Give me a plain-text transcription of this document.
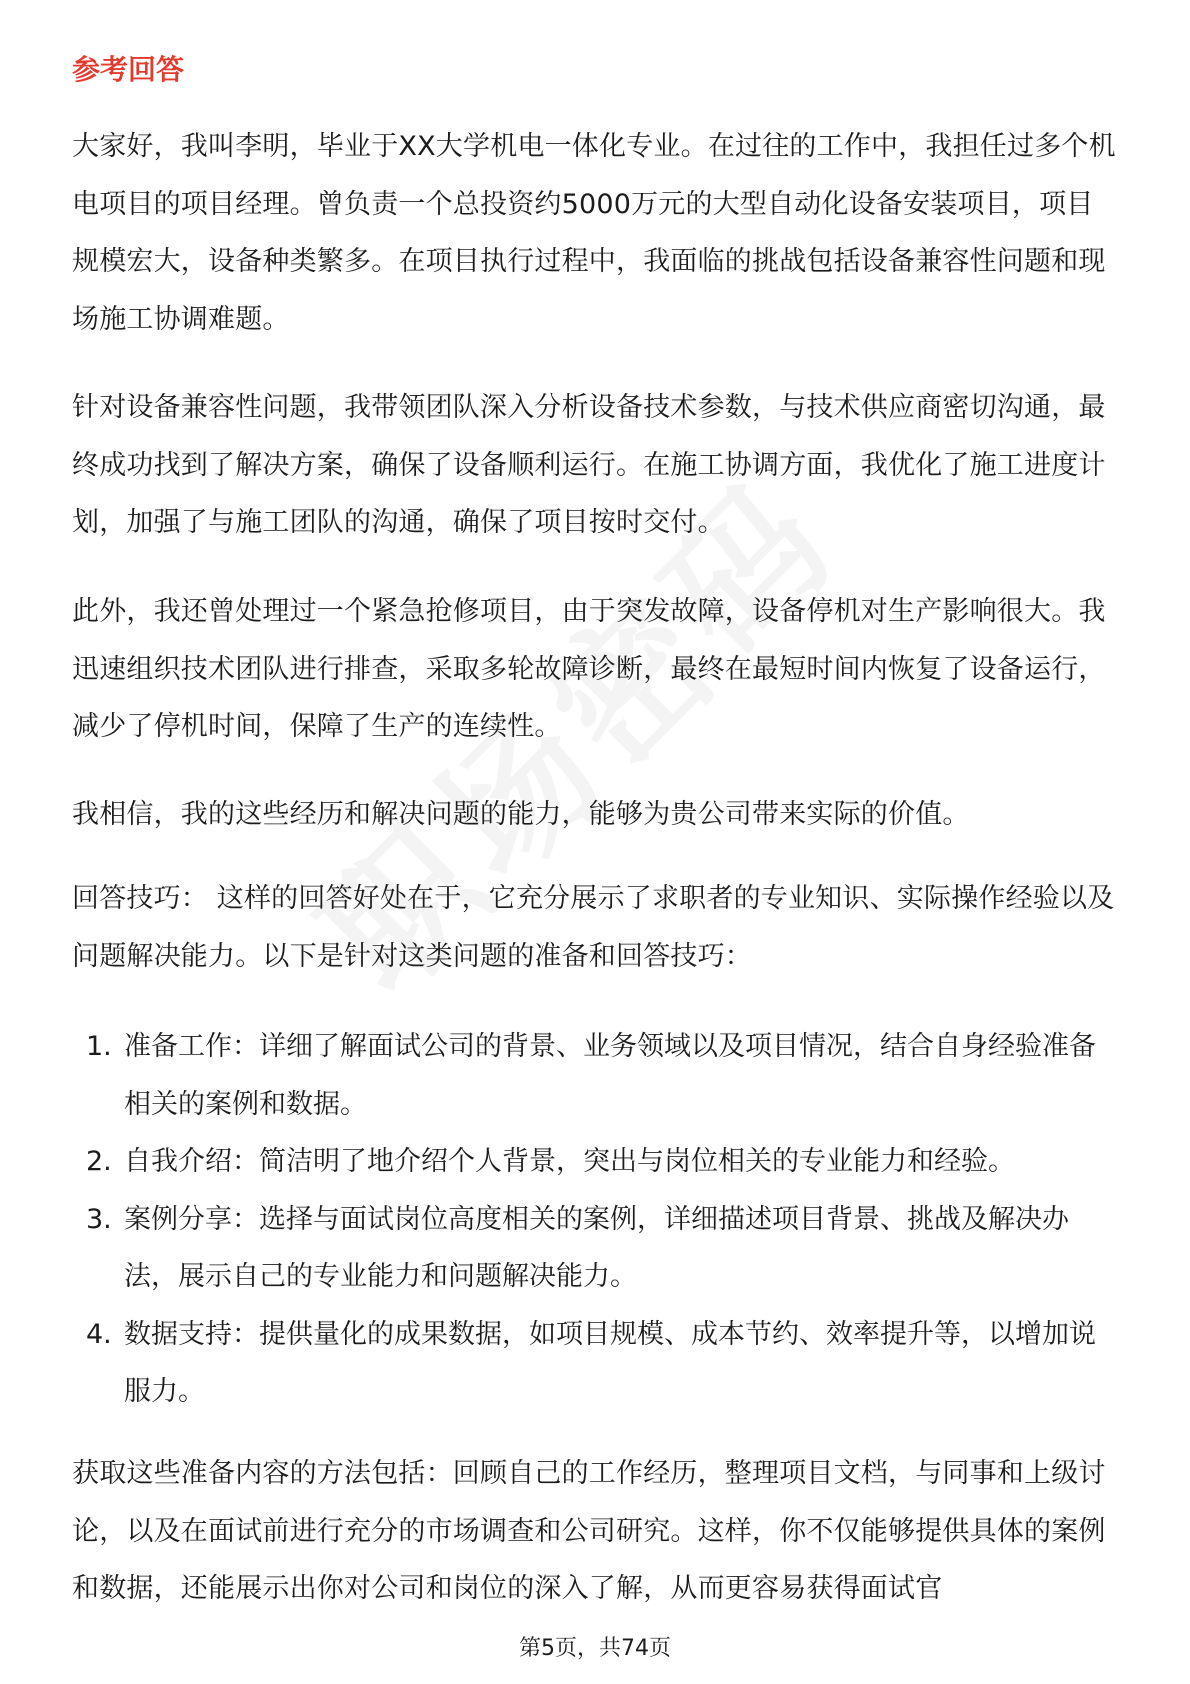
参考回答

大家好，我叫李明，毕业于XX大学机电一体化专业。在过往的工作中，我担任过多个机电项目的项目经理。曾负责一个总投资约5000万元的大型自动化设备安装项目，项目规模宏大，设备种类繁多。在项目执行过程中，我面临的挑战包括设备兼容性问题和现场施工协调难题。

针对设备兼容性问题，我带领团队深入分析设备技术参数，与技术供应商密切沟通，最终成功找到了解决方案，确保了设备顺利运行。在施工协调方面，我优化了施工进度计划，加强了与施工团队的沟通，确保了项目按时交付。

此外，我还曾处理过一个紧急抢修项目，由于突发故障，设备停机对生产影响很大。我迅速组织技术团队进行排查，采取多轮故障诊断，最终在最短时间内恢复了设备运行，减少了停机时间，保障了生产的连续性。

我相信，我的这些经历和解决问题的能力，能够为贵公司带来实际的价值。

回答技巧： 这样的回答好处在于，它充分展示了求职者的专业知识、实际操作经验以及问题解决能力。以下是针对这类问题的准备和回答技巧：

1. 准备工作：详细了解面试公司的背景、业务领域以及项目情况，结合自身经验准备相关的案例和数据。
2. 自我介绍：简洁明了地介绍个人背景，突出与岗位相关的专业能力和经验。
3. 案例分享：选择与面试岗位高度相关的案例，详细描述项目背景、挑战及解决办法，展示自己的专业能力和问题解决能力。
4. 数据支持：提供量化的成果数据，如项目规模、成本节约、效率提升等，以增加说服力。

获取这些准备内容的方法包括：回顾自己的工作经历，整理项目文档，与同事和上级讨论，以及在面试前进行充分的市场调查和公司研究。这样，你不仅能够提供具体的案例和数据，还能展示出你对公司和岗位的深入了解，从而更容易获得面试官

第5页，共74页
